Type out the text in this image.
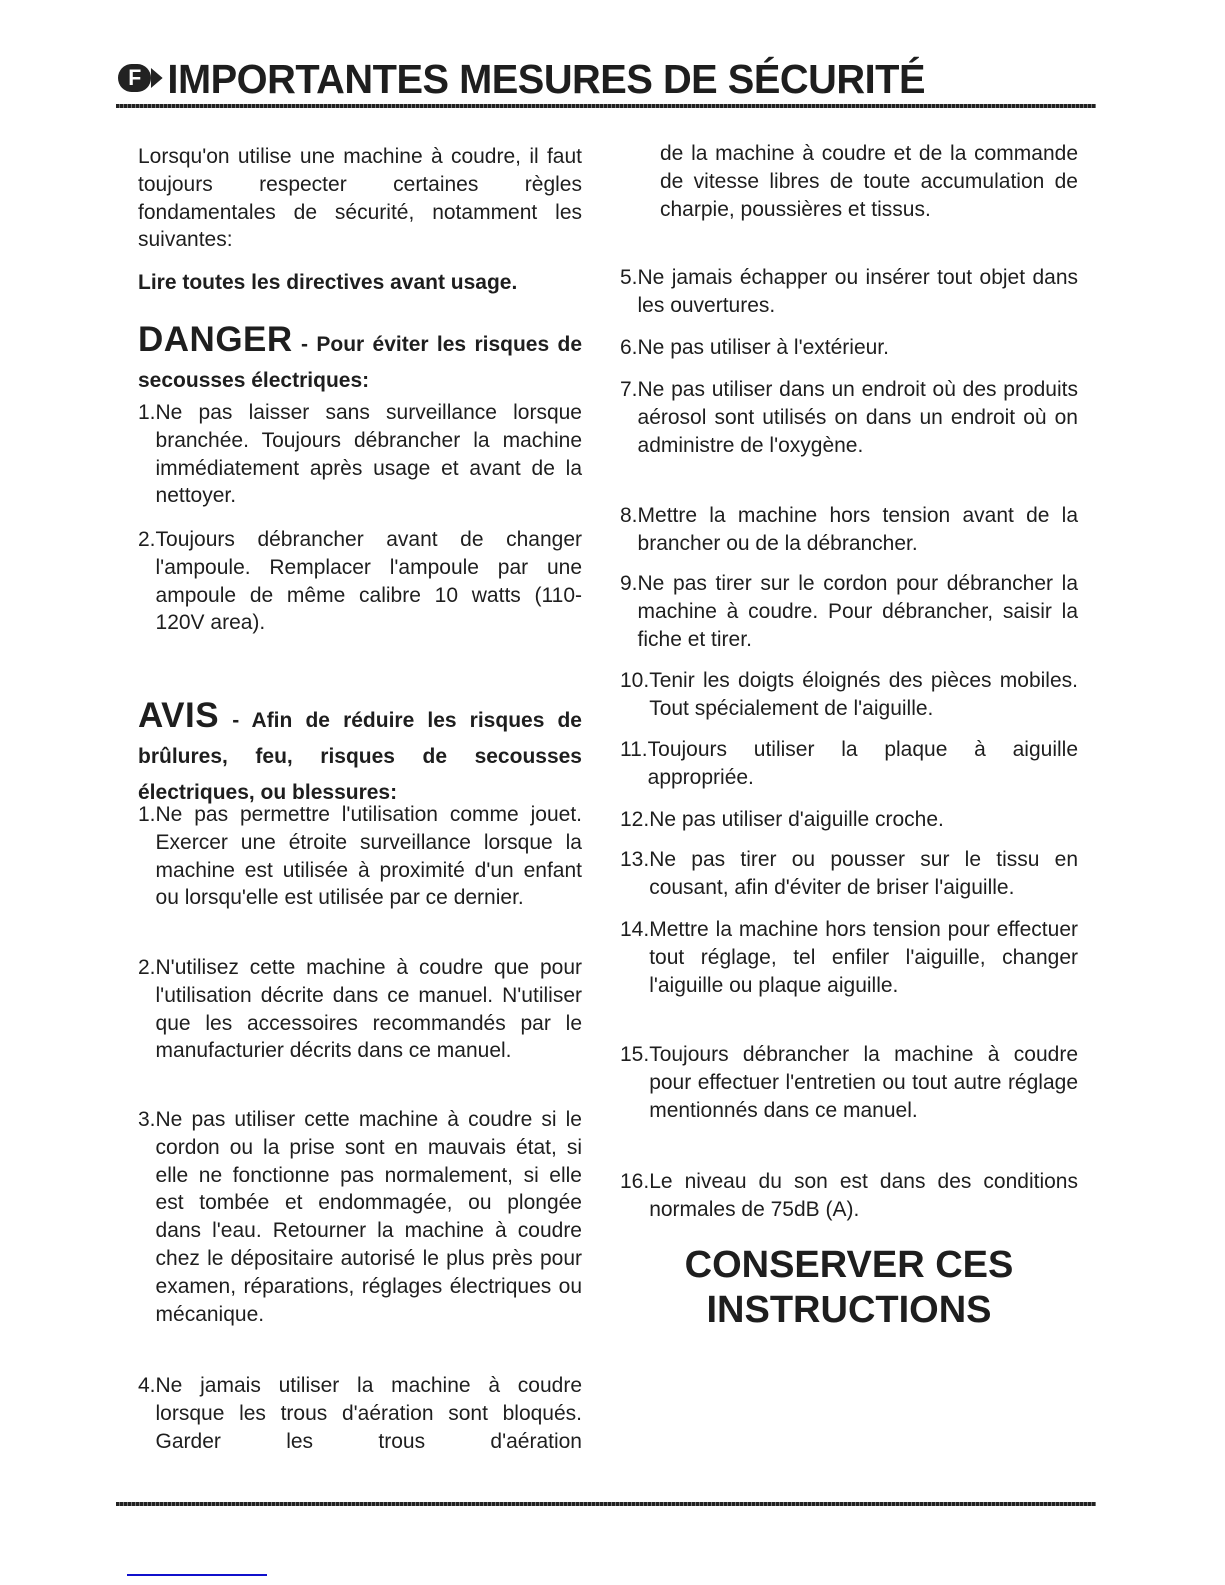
F IMPORTANTES MESURES DE SÉCURITÉ
Lorsqu'on utilise une machine à coudre, il faut toujours respecter certaines règles fondamentales de sécurité, notamment les suivantes:
Lire toutes les directives avant usage.
DANGER - Pour éviter les risques de secousses électriques:
1. Ne pas laisser sans surveillance lorsque branchée. Toujours débrancher la machine immédiatement après usage et avant de la nettoyer.
2. Toujours débrancher avant de changer l'ampoule. Remplacer l'ampoule par une ampoule de même calibre 10 watts (110-120V area).
AVIS - Afin de réduire les risques de brûlures, feu, risques de secousses électriques, ou blessures:
1. Ne pas permettre l'utilisation comme jouet. Exercer une étroite surveillance lorsque la machine est utilisée à proximité d'un enfant ou lorsqu'elle est utilisée par ce dernier.
2. N'utilisez cette machine à coudre que pour l'utilisation décrite dans ce manuel. N'utiliser que les accessoires recommandés par le manufacturier décrits dans ce manuel.
3. Ne pas utiliser cette machine à coudre si le cordon ou la prise sont en mauvais état, si elle ne fonctionne pas normalement, si elle est tombée et endommagée, ou plongée dans l'eau. Retourner la machine à coudre chez le dépositaire autorisé le plus près pour examen, réparations, réglages électriques ou mécanique.
4. Ne jamais utiliser la machine à coudre lorsque les trous d'aération sont bloqués. Garder les trous d'aération
de la machine à coudre et de la commande de vitesse libres de toute accumulation de charpie, poussières et tissus.
5. Ne jamais échapper ou insérer tout objet dans les ouvertures.
6. Ne pas utiliser à l'extérieur.
7. Ne pas utiliser dans un endroit où des produits aérosol sont utilisés on dans un endroit où on administre de l'oxygène.
8. Mettre la machine hors tension avant de la brancher ou de la débrancher.
9. Ne pas tirer sur le cordon pour débrancher la machine à coudre. Pour débrancher, saisir la fiche et tirer.
10. Tenir les doigts éloignés des pièces mobiles. Tout spécialement de l'aiguille.
11. Toujours utiliser la plaque à aiguille appropriée.
12. Ne pas utiliser d'aiguille croche.
13. Ne pas tirer ou pousser sur le tissu en cousant, afin d'éviter de briser l'aiguille.
14. Mettre la machine hors tension pour effectuer tout réglage, tel enfiler l'aiguille, changer l'aiguille ou plaque aiguille.
15. Toujours débrancher la machine à coudre pour effectuer l'entretien ou tout autre réglage mentionnés dans ce manuel.
16. Le niveau du son est dans des conditions normales de 75dB (A).
CONSERVER CES
INSTRUCTIONS
